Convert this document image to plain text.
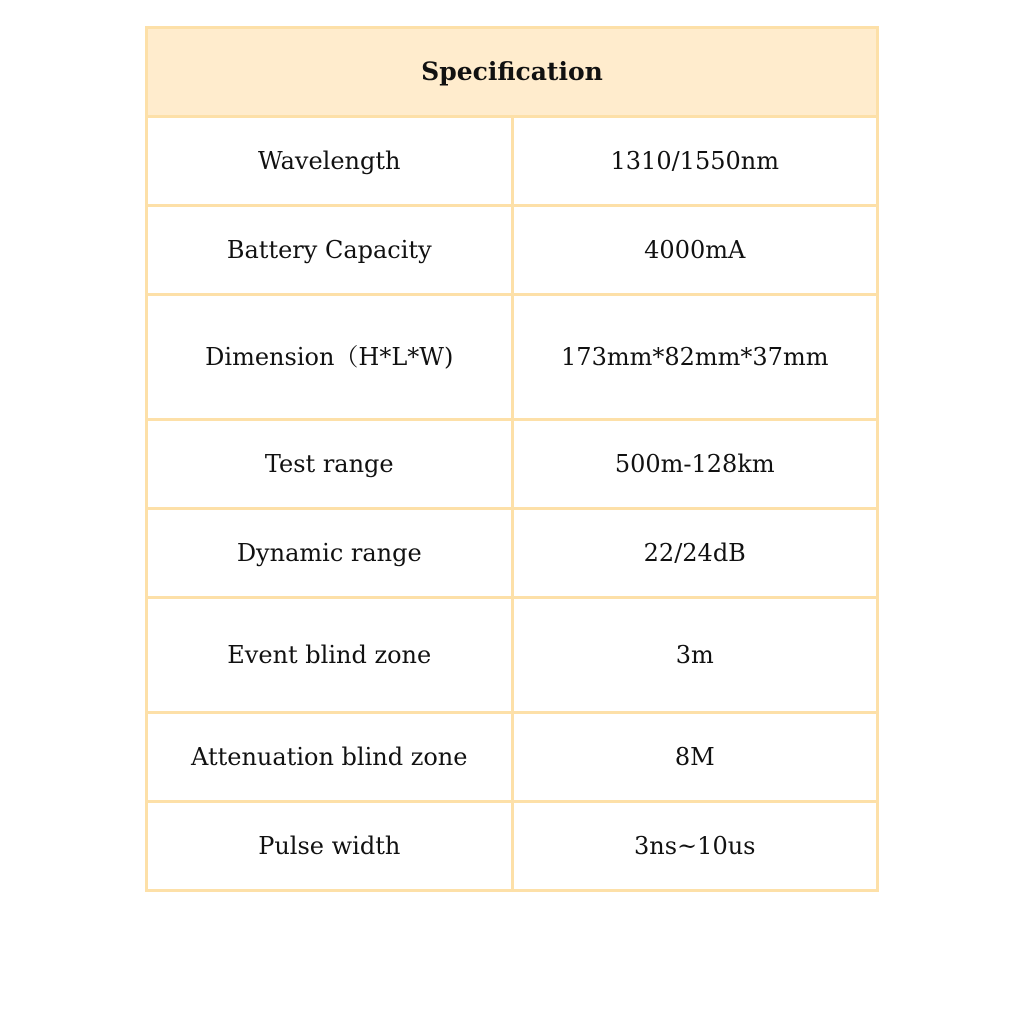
Specification	
Wavelength	1310/1550nm
Battery Capacity	4000mA
Dimension（H*L*W)	173mm*82mm*37mm
Test range	500m-128km
Dynamic range	22/24dB
Event blind zone	3m
Attenuation blind zone	8M
Pulse width	3ns~10us
